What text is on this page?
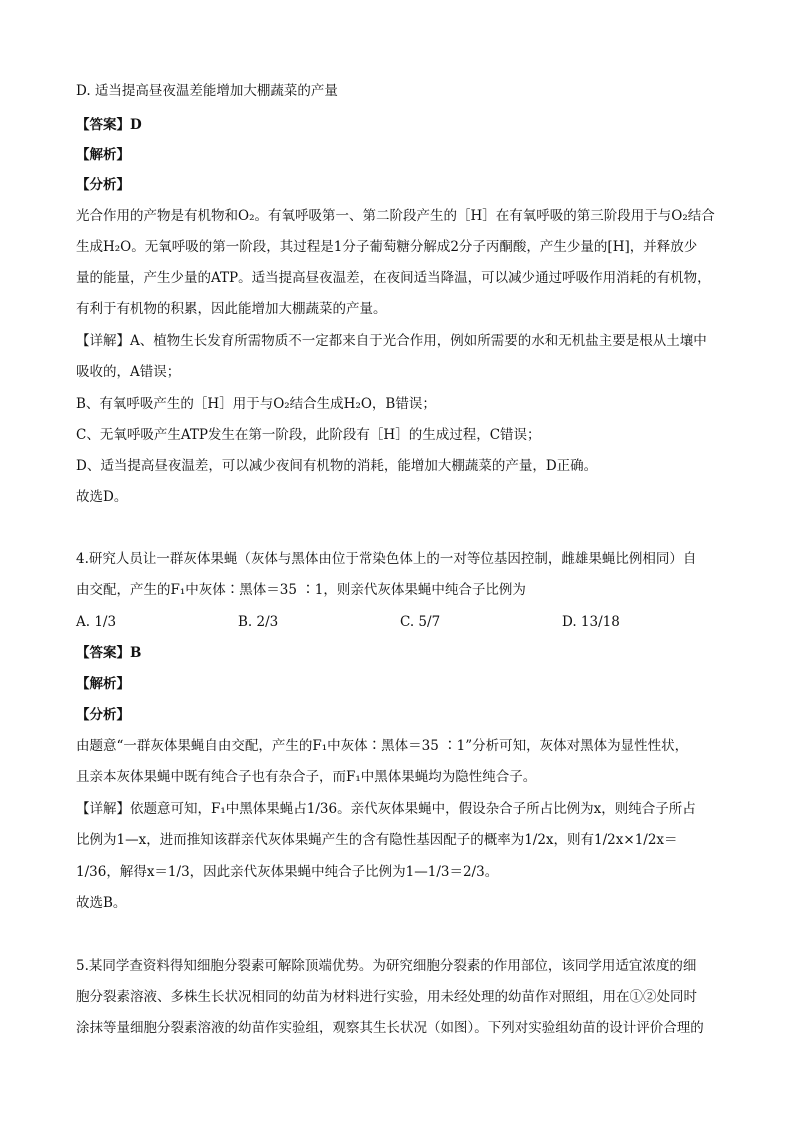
D. 适当提高昼夜温差能增加大棚蔬菜的产量
【答案】D
【解析】
【分析】
光合作用的产物是有机物和O₂。有氧呼吸第一、第二阶段产生的［H］在有氧呼吸的第三阶段用于与O₂结合
生成H₂O。无氧呼吸的第一阶段，其过程是1分子葡萄糖分解成2分子丙酮酸，产生少量的[H]，并释放少
量的能量，产生少量的ATP。适当提高昼夜温差，在夜间适当降温，可以减少通过呼吸作用消耗的有机物，
有利于有机物的积累，因此能增加大棚蔬菜的产量。
【详解】A、植物生长发育所需物质不一定都来自于光合作用，例如所需要的水和无机盐主要是根从土壤中
吸收的，A错误；
B、有氧呼吸产生的［H］用于与O₂结合生成H₂O，B错误；
C、无氧呼吸产生ATP发生在第一阶段，此阶段有［H］的生成过程，C错误；
D、适当提高昼夜温差，可以减少夜间有机物的消耗，能增加大棚蔬菜的产量，D正确。
故选D。
4.研究人员让一群灰体果蝇（灰体与黑体由位于常染色体上的一对等位基因控制，雌雄果蝇比例相同）自
由交配，产生的F₁中灰体∶黑体＝35 ∶1，则亲代灰体果蝇中纯合子比例为
A. 1/3	B. 2/3	C. 5/7	D. 13/18
【答案】B
【解析】
【分析】
由题意“一群灰体果蝇自由交配，产生的F₁中灰体∶黑体＝35 ∶1”分析可知，灰体对黑体为显性性状，
且亲本灰体果蝇中既有纯合子也有杂合子，而F₁中黑体果蝇均为隐性纯合子。
【详解】依题意可知，F₁中黑体果蝇占1/36。亲代灰体果蝇中，假设杂合子所占比例为x，则纯合子所占
比例为1—x，进而推知该群亲代灰体果蝇产生的含有隐性基因配子的概率为1/2x，则有1/2x×1/2x＝
1/36，解得x＝1/3，因此亲代灰体果蝇中纯合子比例为1—1/3＝2/3。
故选B。
5.某同学查资料得知细胞分裂素可解除顶端优势。为研究细胞分裂素的作用部位，该同学用适宜浓度的细
胞分裂素溶液、多株生长状况相同的幼苗为材料进行实验，用未经处理的幼苗作对照组，用在①②处同时
涂抹等量细胞分裂素溶液的幼苗作实验组，观察其生长状况（如图）。下列对实验组幼苗的设计评价合理的
